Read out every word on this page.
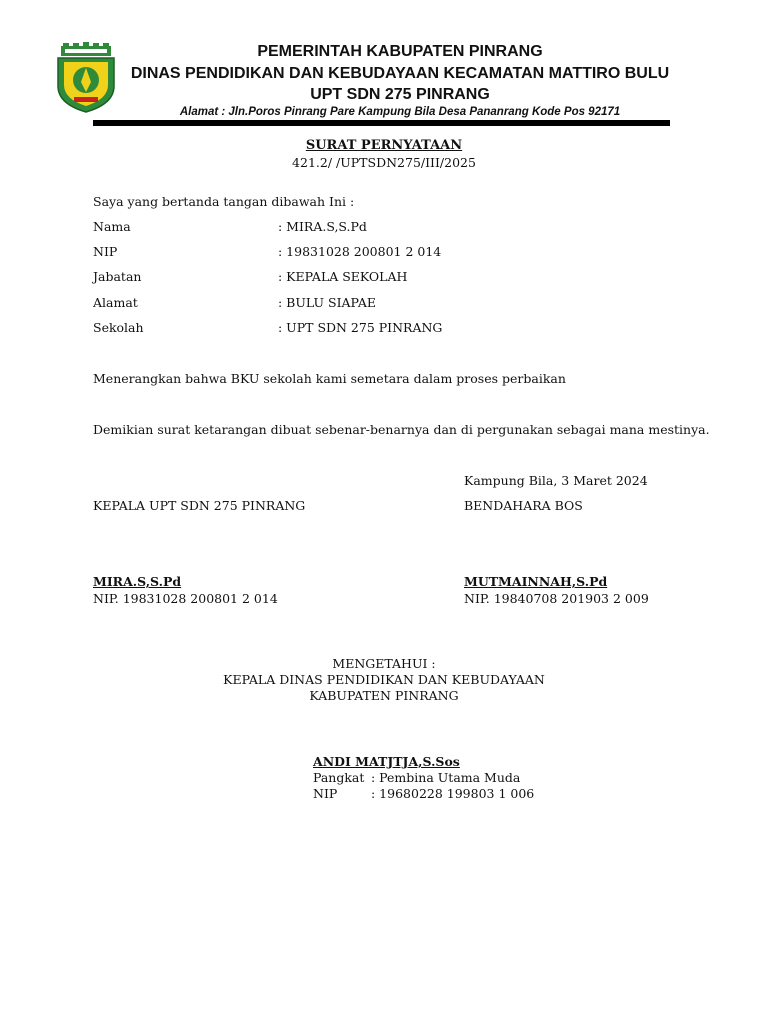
PEMERINTAH KABUPATEN PINRANG
DINAS PENDIDIKAN DAN KEBUDAYAAN KECAMATAN MATTIRO BULU
UPT SDN 275 PINRANG
Alamat : Jln.Poros Pinrang Pare Kampung Bila Desa Pananrang Kode Pos 92171
SURAT PERNYATAAN
421.2/ /UPTSDN275/III/2025
Saya yang bertanda tangan dibawah Ini :
Nama	: MIRA.S,S.Pd
NIP	: 19831028 200801 2 014
Jabatan	: KEPALA SEKOLAH
Alamat	: BULU SIAPAE
Sekolah	: UPT SDN 275 PINRANG
Menerangkan bahwa BKU sekolah kami semetara dalam proses perbaikan
Demikian surat ketarangan dibuat sebenar-benarnya dan di pergunakan sebagai mana mestinya.
Kampung Bila, 3 Maret 2024
KEPALA UPT SDN 275 PINRANG	BENDAHARA BOS
MIRA.S,S.Pd
NIP. 19831028 200801 2 014
MUTMAINNAH,S.Pd
NIP. 19840708 201903 2 009
MENGETAHUI :
KEPALA DINAS PENDIDIKAN DAN KEBUDAYAAN
KABUPATEN PINRANG
ANDI MATJTJA,S.Sos
Pangkat : Pembina Utama Muda
NIP	: 19680228 199803 1 006
